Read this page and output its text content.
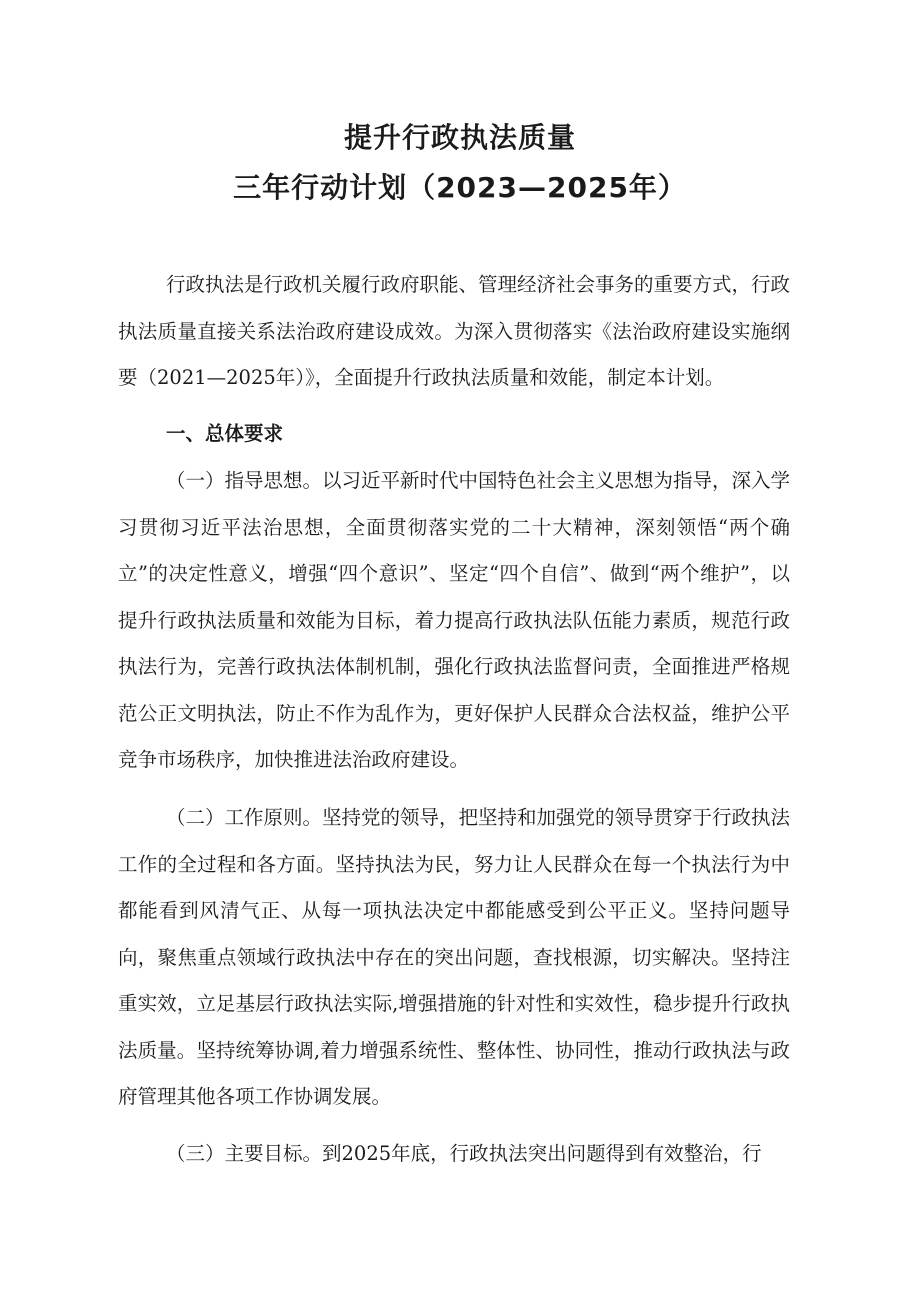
提升行政执法质量
三年行动计划（2023—2025年）

行政执法是行政机关履行政府职能、管理经济社会事务的重要方式，行政执法质量直接关系法治政府建设成效。为深入贯彻落实《法治政府建设实施纲要（2021—2025年）》，全面提升行政执法质量和效能，制定本计划。

一、总体要求

（一）指导思想。以习近平新时代中国特色社会主义思想为指导，深入学习贯彻习近平法治思想，全面贯彻落实党的二十大精神，深刻领悟“两个确立”的决定性意义，增强“四个意识”、坚定“四个自信”、做到“两个维护”，以提升行政执法质量和效能为目标，着力提高行政执法队伍能力素质，规范行政执法行为，完善行政执法体制机制，强化行政执法监督问责，全面推进严格规范公正文明执法，防止不作为乱作为，更好保护人民群众合法权益，维护公平竞争市场秩序，加快推进法治政府建设。

（二）工作原则。坚持党的领导，把坚持和加强党的领导贯穿于行政执法工作的全过程和各方面。坚持执法为民，努力让人民群众在每一个执法行为中都能看到风清气正、从每一项执法决定中都能感受到公平正义。坚持问题导向，聚焦重点领域行政执法中存在的突出问题，查找根源，切实解决。坚持注重实效，立足基层行政执法实际,增强措施的针对性和实效性，稳步提升行政执法质量。坚持统筹协调,着力增强系统性、整体性、协同性，推动行政执法与政府管理其他各项工作协调发展。

（三）主要目标。到2025年底，行政执法突出问题得到有效整治，行
